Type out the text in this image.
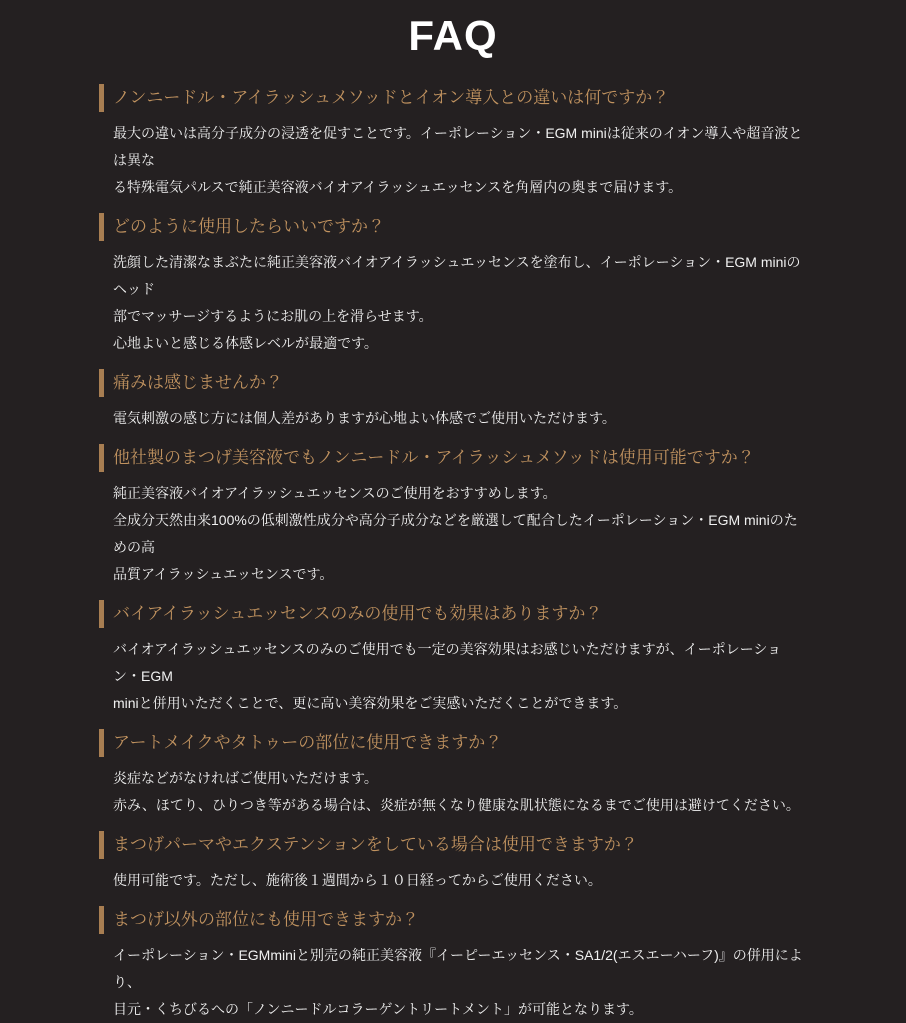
FAQ
ノンニードル・アイラッシュメソッドとイオン導入との違いは何ですか？
最大の違いは高分子成分の浸透を促すことです。イーポレーション・EGM miniは従来のイオン導入や超音波とは異な
る特殊電気パルスで純正美容液バイオアイラッシュエッセンスを角層内の奥まで届けます。
どのように使用したらいいですか？
洗顔した清潔なまぶたに純正美容液バイオアイラッシュエッセンスを塗布し、イーポレーション・EGM miniのヘッド
部でマッサージするようにお肌の上を滑らせます。
心地よいと感じる体感レベルが最適です。
痛みは感じませんか？
電気刺激の感じ方には個人差がありますが心地よい体感でご使用いただけます。
他社製のまつげ美容液でもノンニードル・アイラッシュメソッドは使用可能ですか？
純正美容液バイオアイラッシュエッセンスのご使用をおすすめします。
全成分天然由来100%の低刺激性成分や高分子成分などを厳選して配合したイーポレーション・EGM miniのための高
品質アイラッシュエッセンスです。
バイアイラッシュエッセンスのみの使用でも効果はありますか？
バイオアイラッシュエッセンスのみのご使用でも一定の美容効果はお感じいただけますが、イーポレーション・EGM
miniと併用いただくことで、更に高い美容効果をご実感いただくことができます。
アートメイクやタトゥーの部位に使用できますか？
炎症などがなければご使用いただけます。
赤み、ほてり、ひりつき等がある場合は、炎症が無くなり健康な肌状態になるまでご使用は避けてください。
まつげパーマやエクステンションをしている場合は使用できますか？
使用可能です。ただし、施術後１週間から１０日経ってからご使用ください。
まつげ以外の部位にも使用できますか？
イーポレーション・EGMminiと別売の純正美容液『イーピーエッセンス・SA1/2(エスエーハーフ)』の併用により、
目元・くちびるへの「ノンニードルコラーゲントリートメント」が可能となります。
